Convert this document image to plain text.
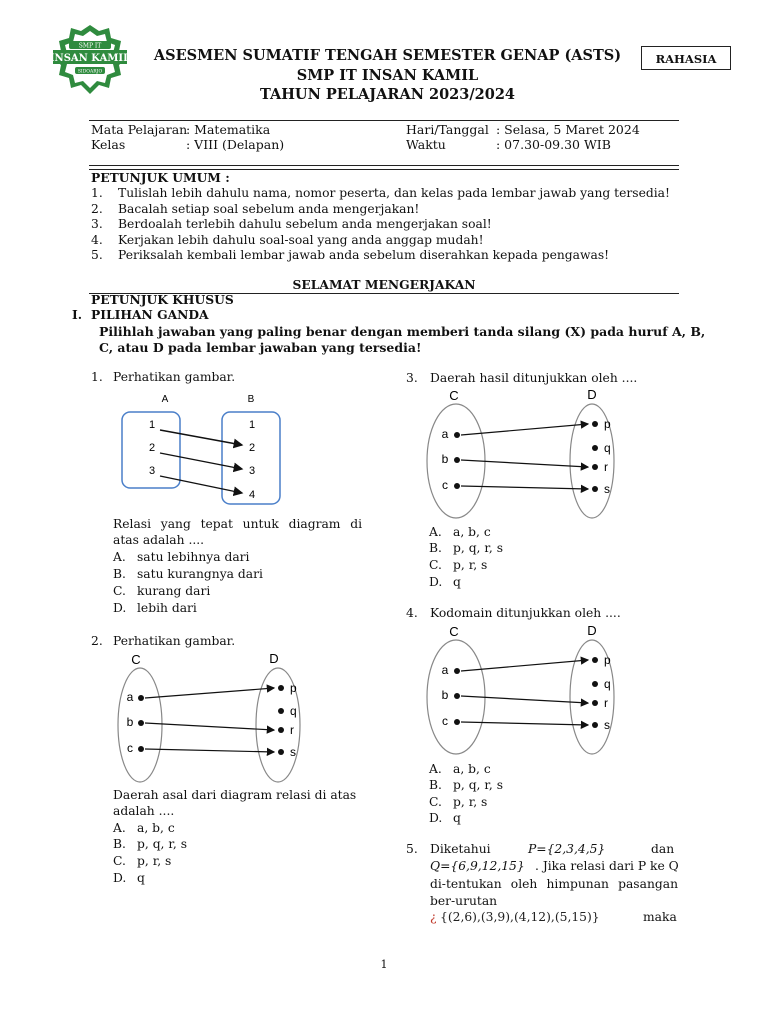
SMP IT
INSAN KAMIL
SIDOARJO
ASESMEN SUMATIF TENGAH SEMESTER GENAP (ASTS)
SMP IT INSAN KAMIL
TAHUN PELAJARAN 2023/2024
RAHASIA
Mata Pelajaran
: Matematika
Kelas	: VIII (Delapan)
Hari/Tanggal : Selasa, 5 Maret 2024
Waktu	: 07.30-09.30 WIB
PETUNJUK UMUM :
1. Tulislah lebih dahulu nama, nomor peserta, dan kelas pada lembar jawab yang tersedia!
2. Bacalah setiap soal sebelum anda mengerjakan!
3. Berdoalah terlebih dahulu sebelum anda mengerjakan soal!
4. Kerjakan lebih dahulu soal-soal yang anda anggap mudah!
5. Periksalah kembali lembar jawab anda sebelum diserahkan kepada pengawas!
SELAMAT MENGERJAKAN
PETUNJUK KHUSUS
I. PILIHAN GANDA
Pilihlah jawaban yang paling benar dengan memberi tanda silang (X) pada huruf A, B,
C, atau D pada lembar jawaban yang tersedia!
1. Perhatikan gambar.
A	B
1
2
3
1
2
3
4
Relasi yang tepat untuk diagram di
atas adalah ....
A. satu lebihnya dari
B. satu kurangnya dari
C. kurang dari
D. lebih dari
2. Perhatikan gambar.
C	D
a
b
c
p
q
r
s
Daerah asal dari diagram relasi di atas
adalah ....
A. a, b, c
B. p, q, r, s
C. p, r, s
D. q
3. Daerah hasil ditunjukkan oleh ....
C	D
a
b
c
p
q
r
s
A. a, b, c
B. p, q, r, s
C. p, r, s
D. q
4. Kodomain ditunjukkan oleh ....
C	D
a
b
c
p
q
r
s
A. a, b, c
B. p, q, r, s
C. p, r, s
D. q
5. Diketahui	P={2,3,4,5}	dan
Q={6,9,12,15} . Jika relasi dari P ke Q
di-tentukan oleh himpunan pasangan
ber-urutan
¿ {(2,6),(3,9),(4,12),(5,15)}	maka
1
